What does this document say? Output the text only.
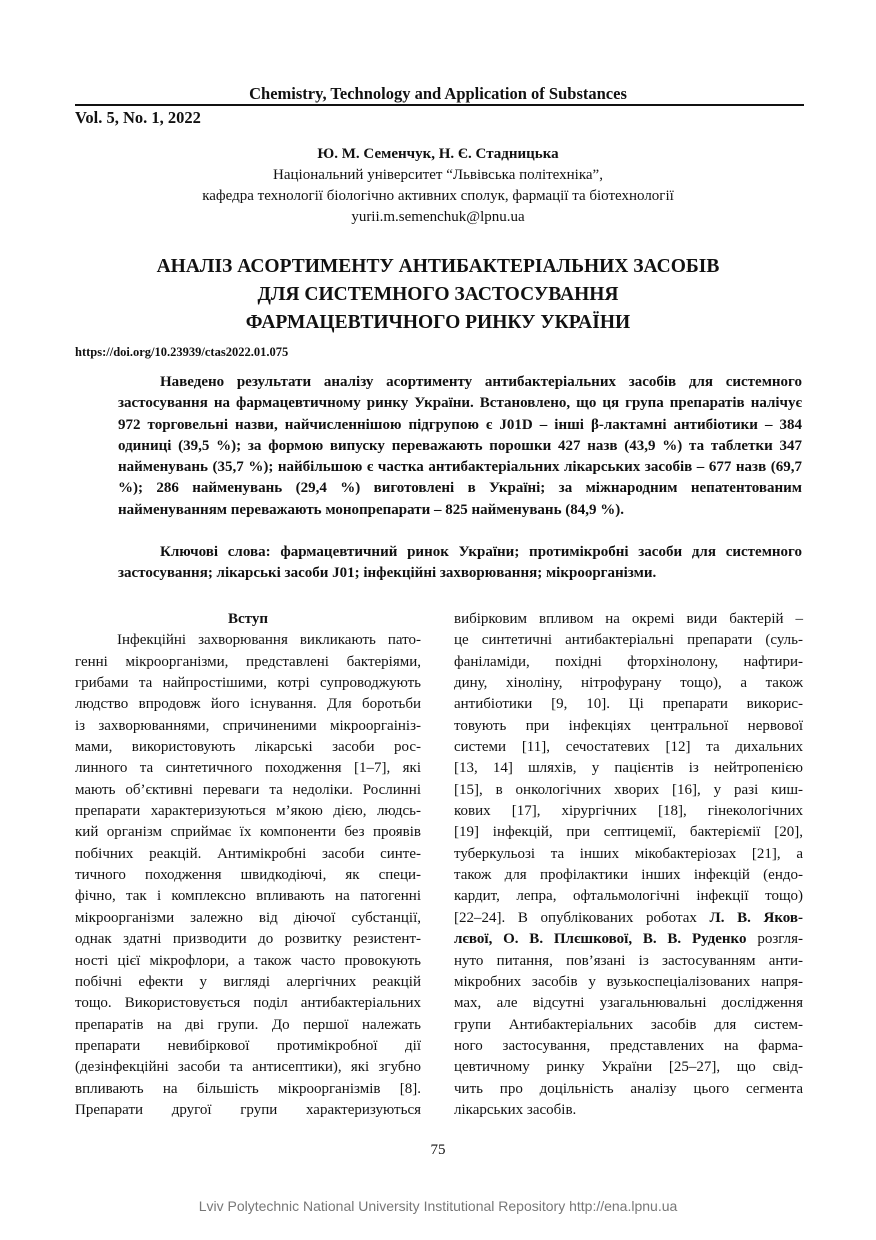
Chemistry, Technology and Application of Substances
Vol. 5, No. 1, 2022
Ю. М. Семенчук, Н. Є. Стадницька
Національний університет “Львівська політехніка”,
кафедра технології біологічно активних сполук, фармації та біотехнології
yurii.m.semenchuk@lpnu.ua
АНАЛІЗ АСОРТИМЕНТУ АНТИБАКТЕРІАЛЬНИХ ЗАСОБІВ
ДЛЯ СИСТЕМНОГО ЗАСТОСУВАННЯ
ФАРМАЦЕВТИЧНОГО РИНКУ УКРАЇНИ
https://doi.org/10.23939/ctas2022.01.075

Наведено результати аналізу асортименту антибактеріальних засобів для системного застосування на фармацевтичному ринку України. Встановлено, що ця група препаратів налічує 972 торговельні назви, найчисленнішою підгрупою є J01D – інші β-лактамні антибіотики – 384 одиниці (39,5 %); за формою випуску переважають порошки 427 назв (43,9 %) та таблетки 347 найменувань (35,7 %); найбільшою є частка антибактеріальних лікарських засобів – 677 назв (69,7 %); 286 найменувань (29,4 %) виготовлені в Україні; за міжнародним непатентованим найменуванням переважають монопрепарати – 825 найменувань (84,9 %).

Ключові слова: фармацевтичний ринок України; протимікробні засоби для системного застосування; лікарські засоби J01; інфекційні захворювання; мікроорганізми.

Вступ
Інфекційні захворювання викликають пато-
генні мікроорганізми, представлені бактеріями,
грибами та найпростішими, котрі супроводжують
людство впродовж його існування. Для боротьби
із захворюваннями, спричиненими мікрооргаініз-
мами, використовують лікарські засоби рос-
линного та синтетичного походження [1–7], які
мають об’єктивні переваги та недоліки. Рослинні
препарати характеризуються м’якою дією, людсь-
кий організм сприймає їх компоненти без проявів
побічних реакцій. Антимікробні засоби синте-
тичного походження швидкодіючі, як специ-
фічно, так і комплексно впливають на патогенні
мікроорганізми залежно від діючої субстанції,
однак здатні призводити до розвитку резистент-
ності цієї мікрофлори, а також часто провокують
побічні ефекти у вигляді алергічних реакцій
тощо. Використовується поділ антибактеріальних
препаратів на дві групи. До першої належать
препарати невибіркової протимікробної дії
(дезінфекційні засоби та антисептики), які згубно
впливають на більшість мікроорганізмів [8].
Препарати другої групи характеризуються
вибірковим впливом на окремі види бактерій –
це синтетичні антибактеріальні препарати (суль-
фаніламіди, похідні фторхінолону, нафтири-
дину, хіноліну, нітрофурану тощо), а також
антибіотики [9, 10]. Ці препарати викорис-
товують при інфекціях центральної нервової
системи [11], сечостатевих [12] та дихальних
[13, 14] шляхів, у пацієнтів із нейтропенією
[15], в онкологічних хворих [16], у разі киш-
кових [17], хірургічних [18], гінекологічних
[19] інфекцій, при септицемії, бактеріємії [20],
туберкульозі та інших мікобактеріозах [21], а
також для профілактики інших інфекцій (ендо-
кардит, лепра, офтальмологічні інфекції тощо)
[22–24]. В опублікованих роботах Л. В. Яков-
лєвої, О. В. Плєшкової, В. В. Руденко розгля-
нуто питання, пов’язані із застосуванням анти-
мікробних засобів у вузькоспеціалізованих напря-
мах, але відсутні узагальнювальні дослідження
групи Антибактеріальних засобів для систем-
ного застосування, представлених на фарма-
цевтичному ринку України [25–27], що свід-
чить про доцільність аналізу цього сегмента
лікарських засобів.
75
Lviv Polytechnic National University Institutional Repository http://ena.lpnu.ua
